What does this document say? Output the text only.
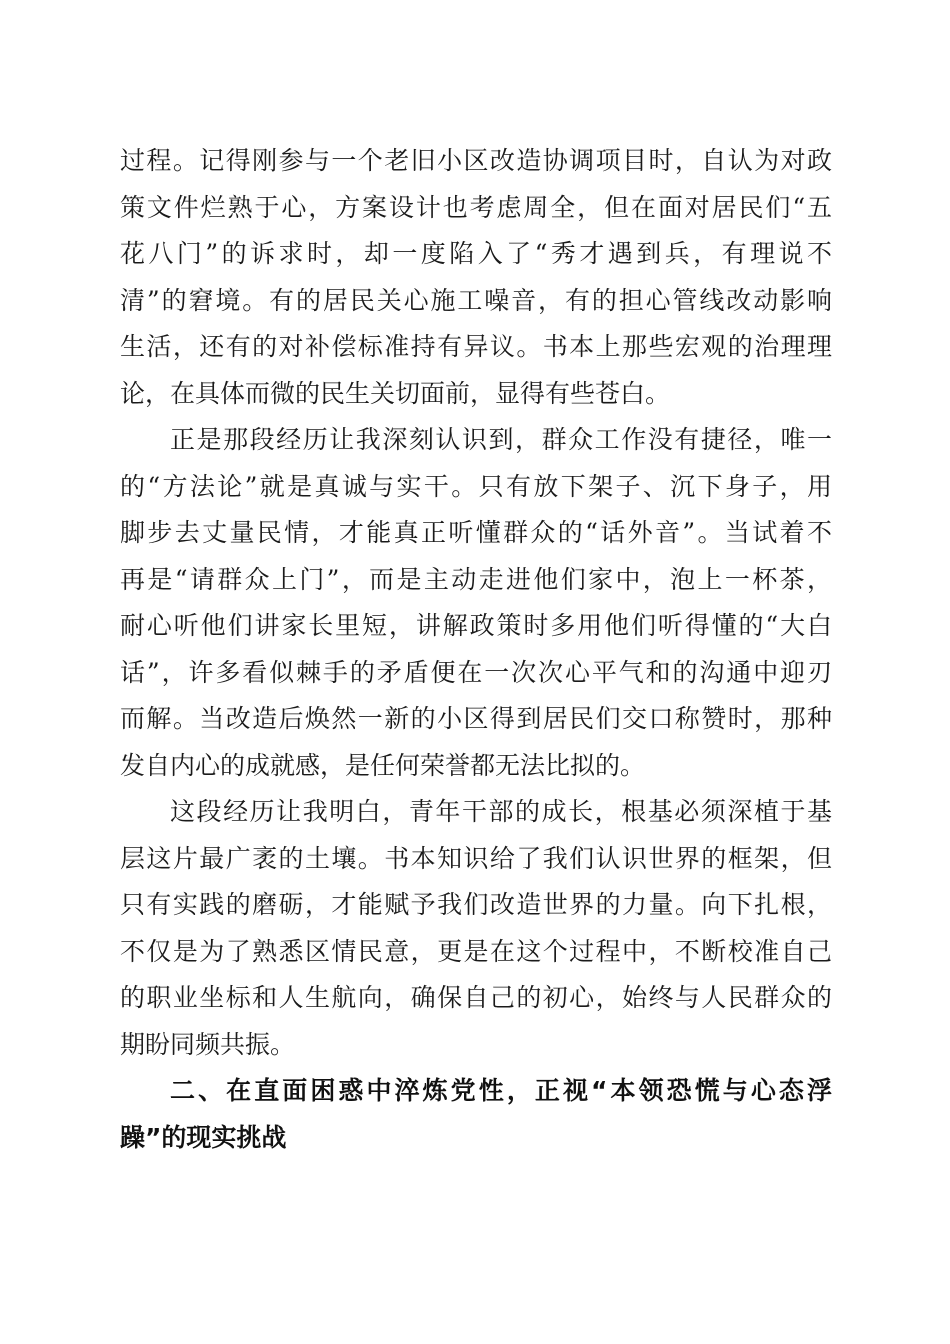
过程。记得刚参与一个老旧小区改造协调项目时，自认为对政
策文件烂熟于心，方案设计也考虑周全，但在面对居民们“五
花八门”的诉求时，却一度陷入了“秀才遇到兵，有理说不
清”的窘境。有的居民关心施工噪音，有的担心管线改动影响
生活，还有的对补偿标准持有异议。书本上那些宏观的治理理
论，在具体而微的民生关切面前，显得有些苍白。
正是那段经历让我深刻认识到，群众工作没有捷径，唯一
的“方法论”就是真诚与实干。只有放下架子、沉下身子，用
脚步去丈量民情，才能真正听懂群众的“话外音”。当试着不
再是“请群众上门”，而是主动走进他们家中，泡上一杯茶，
耐心听他们讲家长里短，讲解政策时多用他们听得懂的“大白
话”，许多看似棘手的矛盾便在一次次心平气和的沟通中迎刃
而解。当改造后焕然一新的小区得到居民们交口称赞时，那种
发自内心的成就感，是任何荣誉都无法比拟的。
这段经历让我明白，青年干部的成长，根基必须深植于基
层这片最广袤的土壤。书本知识给了我们认识世界的框架，但
只有实践的磨砺，才能赋予我们改造世界的力量。向下扎根，
不仅是为了熟悉区情民意，更是在这个过程中，不断校准自己
的职业坐标和人生航向，确保自己的初心，始终与人民群众的
期盼同频共振。
二、在直面困惑中淬炼党性，正视“本领恐慌与心态浮
躁”的现实挑战
